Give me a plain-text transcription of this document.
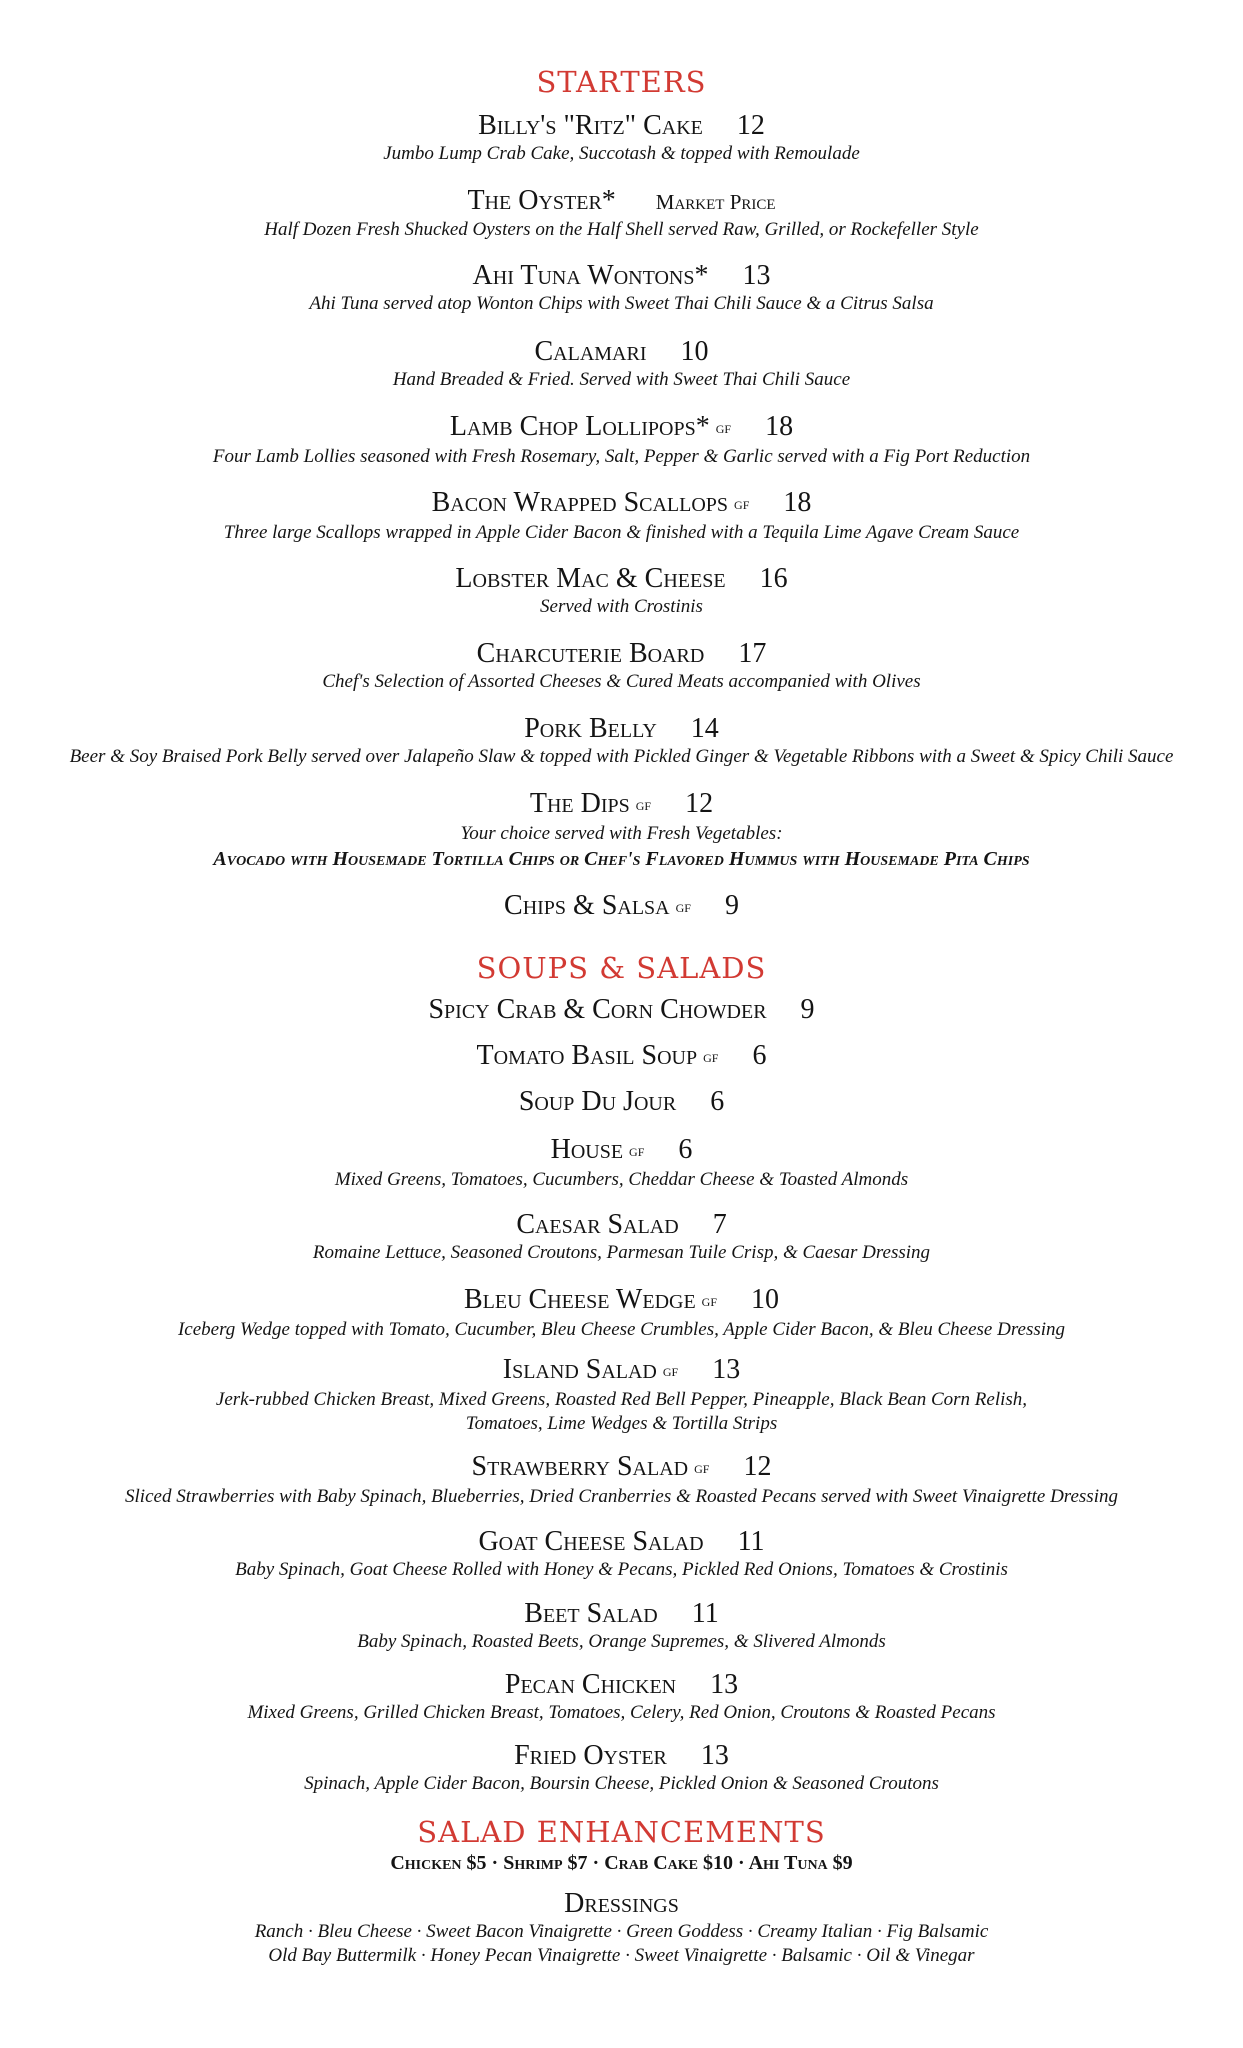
STARTERS
Billy's "Ritz" Cake 12
Jumbo Lump Crab Cake, Succotash & topped with Remoulade
The Oyster* Market Price
Half Dozen Fresh Shucked Oysters on the Half Shell served Raw, Grilled, or Rockefeller Style
Ahi Tuna Wontons* 13
Ahi Tuna served atop Wonton Chips with Sweet Thai Chili Sauce & a Citrus Salsa
Calamari 10
Hand Breaded & Fried. Served with Sweet Thai Chili Sauce
Lamb Chop Lollipops* GF 18
Four Lamb Lollies seasoned with Fresh Rosemary, Salt, Pepper & Garlic served with a Fig Port Reduction
Bacon Wrapped Scallops GF 18
Three large Scallops wrapped in Apple Cider Bacon & finished with a Tequila Lime Agave Cream Sauce
Lobster Mac & Cheese 16
Served with Crostinis
Charcuterie Board 17
Chef's Selection of Assorted Cheeses & Cured Meats accompanied with Olives
Pork Belly 14
Beer & Soy Braised Pork Belly served over Jalapeño Slaw & topped with Pickled Ginger & Vegetable Ribbons with a Sweet & Spicy Chili Sauce
The Dips GF 12
Your choice served with Fresh Vegetables:
Avocado with Housemade Tortilla Chips or Chef's Flavored Hummus with Housemade Pita Chips
Chips & Salsa GF 9
SOUPS & SALADS
Spicy Crab & Corn Chowder 9
Tomato Basil Soup GF 6
Soup Du Jour 6
House GF 6
Mixed Greens, Tomatoes, Cucumbers, Cheddar Cheese & Toasted Almonds
Caesar Salad 7
Romaine Lettuce, Seasoned Croutons, Parmesan Tuile Crisp, & Caesar Dressing
Bleu Cheese Wedge GF 10
Iceberg Wedge topped with Tomato, Cucumber, Bleu Cheese Crumbles, Apple Cider Bacon, & Bleu Cheese Dressing
Island Salad GF 13
Jerk-rubbed Chicken Breast, Mixed Greens, Roasted Red Bell Pepper, Pineapple, Black Bean Corn Relish,
Tomatoes, Lime Wedges & Tortilla Strips
Strawberry Salad GF 12
Sliced Strawberries with Baby Spinach, Blueberries, Dried Cranberries & Roasted Pecans served with Sweet Vinaigrette Dressing
Goat Cheese Salad 11
Baby Spinach, Goat Cheese Rolled with Honey & Pecans, Pickled Red Onions, Tomatoes & Crostinis
Beet Salad 11
Baby Spinach, Roasted Beets, Orange Supremes, & Slivered Almonds
Pecan Chicken 13
Mixed Greens, Grilled Chicken Breast, Tomatoes, Celery, Red Onion, Croutons & Roasted Pecans
Fried Oyster 13
Spinach, Apple Cider Bacon, Boursin Cheese, Pickled Onion & Seasoned Croutons
SALAD ENHANCEMENTS
Chicken $5 · Shrimp $7 · Crab Cake $10 · Ahi Tuna $9
Dressings
Ranch · Bleu Cheese · Sweet Bacon Vinaigrette · Green Goddess · Creamy Italian · Fig Balsamic
Old Bay Buttermilk · Honey Pecan Vinaigrette · Sweet Vinaigrette · Balsamic · Oil & Vinegar
